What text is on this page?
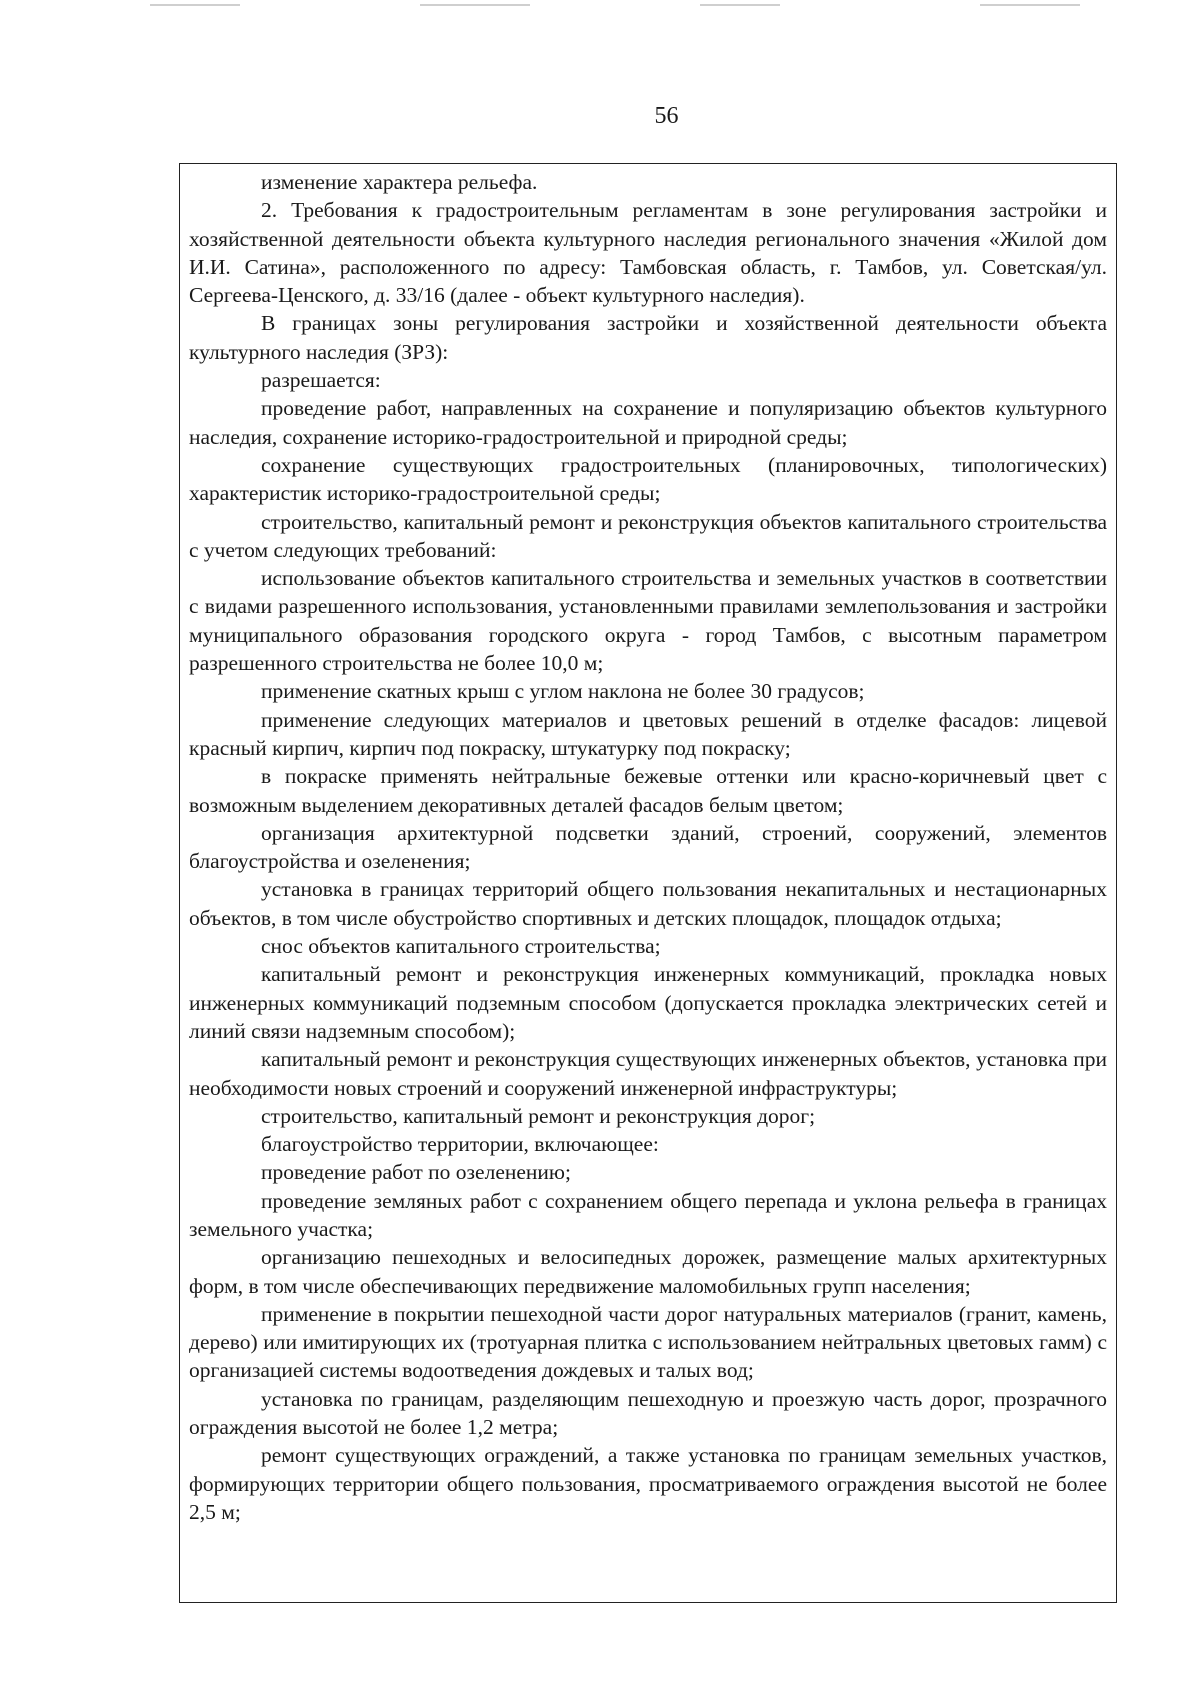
56

изменение характера рельефа.

2. Требования к градостроительным регламентам в зоне регулирования застройки и хозяйственной деятельности объекта культурного наследия регионального значения «Жилой дом И.И. Сатина», расположенного по адресу: Тамбовская область, г. Тамбов, ул. Советская/ул. Сергеева-Ценского, д. 33/16 (далее - объект культурного наследия).

В границах зоны регулирования застройки и хозяйственной деятельности объекта культурного наследия (ЗРЗ):

разрешается:

проведение работ, направленных на сохранение и популяризацию объектов культурного наследия, сохранение историко-градостроительной и природной среды;

сохранение существующих градостроительных (планировочных, типологических) характеристик историко-градостроительной среды;

строительство, капитальный ремонт и реконструкция объектов капитального строительства с учетом следующих требований:

использование объектов капитального строительства и земельных участков в соответствии с видами разрешенного использования, установленными правилами землепользования и застройки муниципального образования городского округа - город Тамбов, с высотным параметром разрешенного строительства не более 10,0 м;

применение скатных крыш с углом наклона не более 30 градусов;

применение следующих материалов и цветовых решений в отделке фасадов: лицевой красный кирпич, кирпич под покраску, штукатурку под покраску;

в покраске применять нейтральные бежевые оттенки или красно-коричневый цвет с возможным выделением декоративных деталей фасадов белым цветом;

организация архитектурной подсветки зданий, строений, сооружений, элементов благоустройства и озеленения;

установка в границах территорий общего пользования некапитальных и нестационарных объектов, в том числе обустройство спортивных и детских площадок, площадок отдыха;

снос объектов капитального строительства;

капитальный ремонт и реконструкция инженерных коммуникаций, прокладка новых инженерных коммуникаций подземным способом (допускается прокладка электрических сетей и линий связи надземным способом);

капитальный ремонт и реконструкция существующих инженерных объектов, установка при необходимости новых строений и сооружений инженерной инфраструктуры;

строительство, капитальный ремонт и реконструкция дорог;

благоустройство территории, включающее:

проведение работ по озеленению;

проведение земляных работ с сохранением общего перепада и уклона рельефа в границах земельного участка;

организацию пешеходных и велосипедных дорожек, размещение малых архитектурных форм, в том числе обеспечивающих передвижение маломобильных групп населения;

применение в покрытии пешеходной части дорог натуральных материалов (гранит, камень, дерево) или имитирующих их (тротуарная плитка с использованием нейтральных цветовых гамм) с организацией системы водоотведения дождевых и талых вод;

установка по границам, разделяющим пешеходную и проезжую часть дорог, прозрачного ограждения высотой не более 1,2 метра;

ремонт существующих ограждений, а также установка по границам земельных участков, формирующих территории общего пользования, просматриваемого ограждения высотой не более 2,5 м;
